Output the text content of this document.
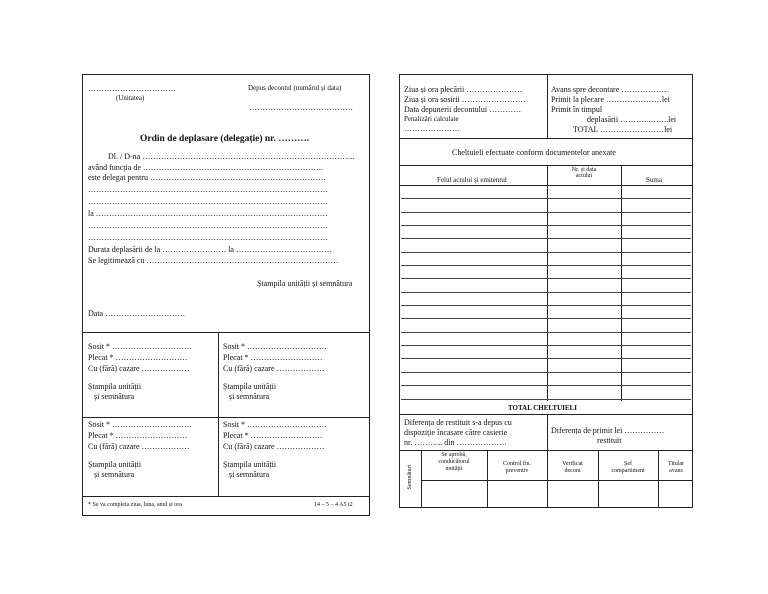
……………………………
(Unitatea)
Depus decontul (numărul și data)
…………………………………
Ordin de deplasare (delegație) nr. ……….
Dl. / D-na ……………………………………………………………………..
având funcția de …………………………………………………………..
este delegat pentru …………………………………………………………
………………………………………………………………………………
………………………………………………………………………………
la ……………………………………………………………………………
………………………………………………………………………………
………………………………………………………………………………
Durata deplasării de la …………………… la ………………………………
Se legitimează cu ………………………………………………………………
Ștampila unității și semnătura
Data …………………………
Sosit * …………………………
Plecat * ………………………
Cu (fără) cazare ………………
Ștampila unității
și semnătura
Sosit * …………………………
Plecat * ………………………
Cu (fără) cazare ………………
Ștampila unității
și semnătura
Sosit * …………………………
Plecat * ………………………
Cu (fără) cazare ………………
Ștampila unității
și semnătura
Sosit * …………………………
Plecat * ………………………
Cu (fără) cazare ………………
Ștampila unității
și semnătura
* Se va completa ziua, luna, anul și ora	14 – 5 – 4 A5 t2
Ziua și ora plecării …………………
Ziua și ora sosirii ……………………
Data depunerii decontului …………
Penalizări calculate
…………………
Avans spre decontare ………………
Primit la plecare …………………lei
Primit în timpul
deplasării ………..……..lei
TOTAL ……………………lei
Cheltuieli efectuate conform documentelor anexate
Felul actului și emitentul
Nr. și data
actului	Suma
TOTAL CHELTUIELI
Diferența de restituit s-a depus cu
dispoziție încasare către casierie
nr. ……….. din ……………….
Diferența de primit lei ……………
restituit
Semnături
Se aprobă,
conducătorul
unității
Control fin.
preventiv
Verificat
decont
Șef
compartiment
Titular
avans
